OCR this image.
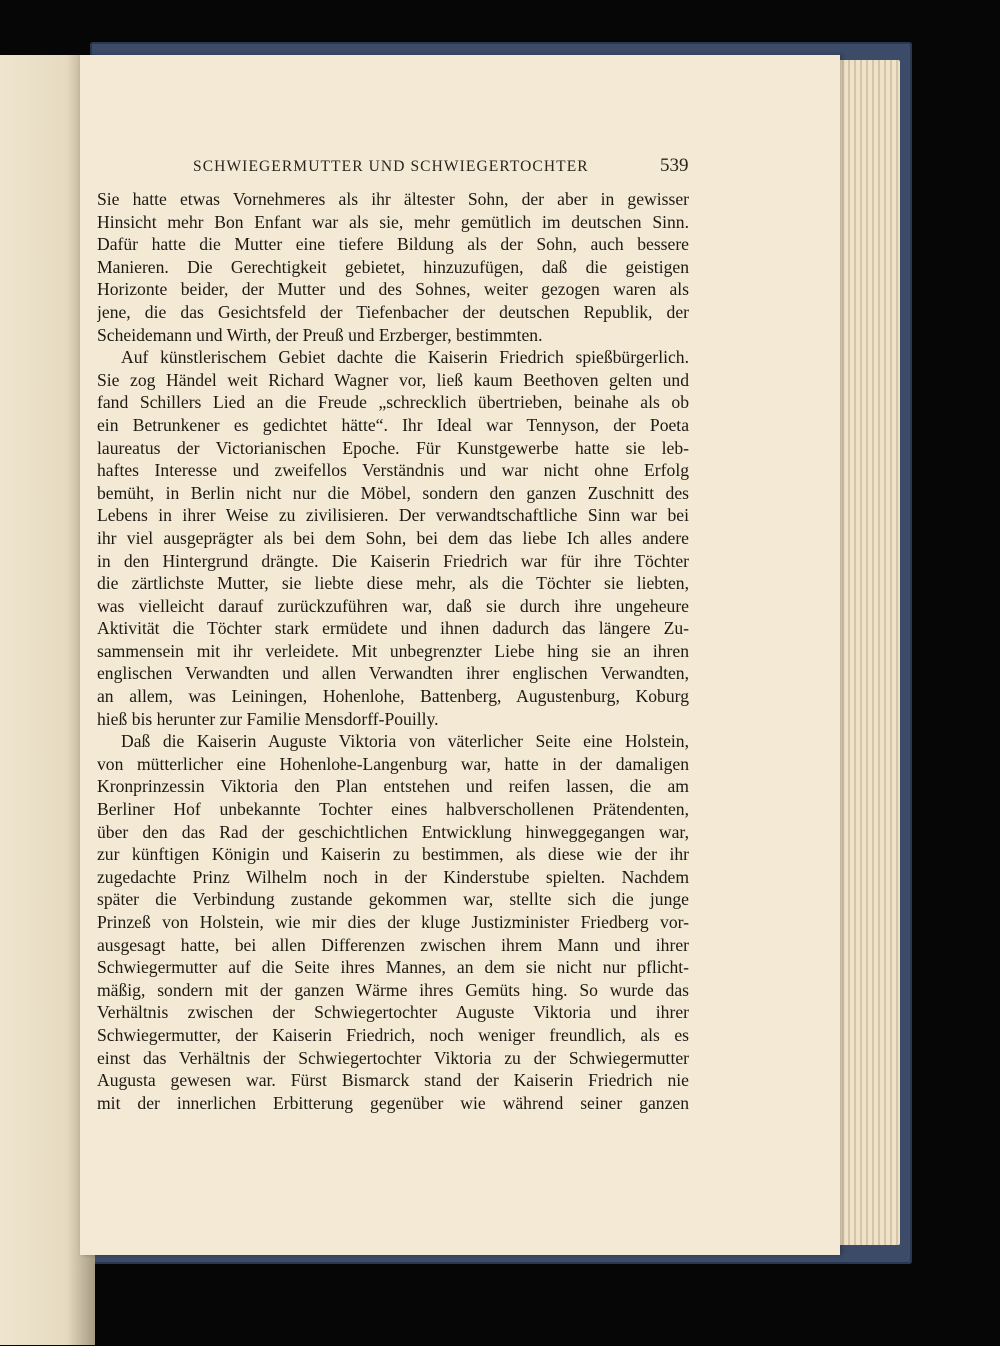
SCHWIEGERMUTTER UND SCHWIEGERTOCHTER	539
Sie hatte etwas Vornehmeres als ihr ältester Sohn, der aber in gewisser
Hinsicht mehr Bon Enfant war als sie, mehr gemütlich im deutschen Sinn.
Dafür hatte die Mutter eine tiefere Bildung als der Sohn, auch bessere
Manieren. Die Gerechtigkeit gebietet, hinzuzufügen, daß die geistigen
Horizonte beider, der Mutter und des Sohnes, weiter gezogen waren als
jene, die das Gesichtsfeld der Tiefenbacher der deutschen Republik, der
Scheidemann und Wirth, der Preuß und Erzberger, bestimmten.
Auf künstlerischem Gebiet dachte die Kaiserin Friedrich spießbürgerlich.
Sie zog Händel weit Richard Wagner vor, ließ kaum Beethoven gelten und
fand Schillers Lied an die Freude „schrecklich übertrieben, beinahe als ob
ein Betrunkener es gedichtet hätte“. Ihr Ideal war Tennyson, der Poeta
laureatus der Victorianischen Epoche. Für Kunstgewerbe hatte sie leb-
haftes Interesse und zweifellos Verständnis und war nicht ohne Erfolg
bemüht, in Berlin nicht nur die Möbel, sondern den ganzen Zuschnitt des
Lebens in ihrer Weise zu zivilisieren. Der verwandtschaftliche Sinn war bei
ihr viel ausgeprägter als bei dem Sohn, bei dem das liebe Ich alles andere
in den Hintergrund drängte. Die Kaiserin Friedrich war für ihre Töchter
die zärtlichste Mutter, sie liebte diese mehr, als die Töchter sie liebten,
was vielleicht darauf zurückzuführen war, daß sie durch ihre ungeheure
Aktivität die Töchter stark ermüdete und ihnen dadurch das längere Zu-
sammensein mit ihr verleidete. Mit unbegrenzter Liebe hing sie an ihren
englischen Verwandten und allen Verwandten ihrer englischen Verwandten,
an allem, was Leiningen, Hohenlohe, Battenberg, Augustenburg, Koburg
hieß bis herunter zur Familie Mensdorff-Pouilly.
Daß die Kaiserin Auguste Viktoria von väterlicher Seite eine Holstein,
von mütterlicher eine Hohenlohe-Langenburg war, hatte in der damaligen
Kronprinzessin Viktoria den Plan entstehen und reifen lassen, die am
Berliner Hof unbekannte Tochter eines halbverschollenen Prätendenten,
über den das Rad der geschichtlichen Entwicklung hinweggegangen war,
zur künftigen Königin und Kaiserin zu bestimmen, als diese wie der ihr
zugedachte Prinz Wilhelm noch in der Kinderstube spielten. Nachdem
später die Verbindung zustande gekommen war, stellte sich die junge
Prinzeß von Holstein, wie mir dies der kluge Justizminister Friedberg vor-
ausgesagt hatte, bei allen Differenzen zwischen ihrem Mann und ihrer
Schwiegermutter auf die Seite ihres Mannes, an dem sie nicht nur pflicht-
mäßig, sondern mit der ganzen Wärme ihres Gemüts hing. So wurde das
Verhältnis zwischen der Schwiegertochter Auguste Viktoria und ihrer
Schwiegermutter, der Kaiserin Friedrich, noch weniger freundlich, als es
einst das Verhältnis der Schwiegertochter Viktoria zu der Schwiegermutter
Augusta gewesen war. Fürst Bismarck stand der Kaiserin Friedrich nie
mit der innerlichen Erbitterung gegenüber wie während seiner ganzen
